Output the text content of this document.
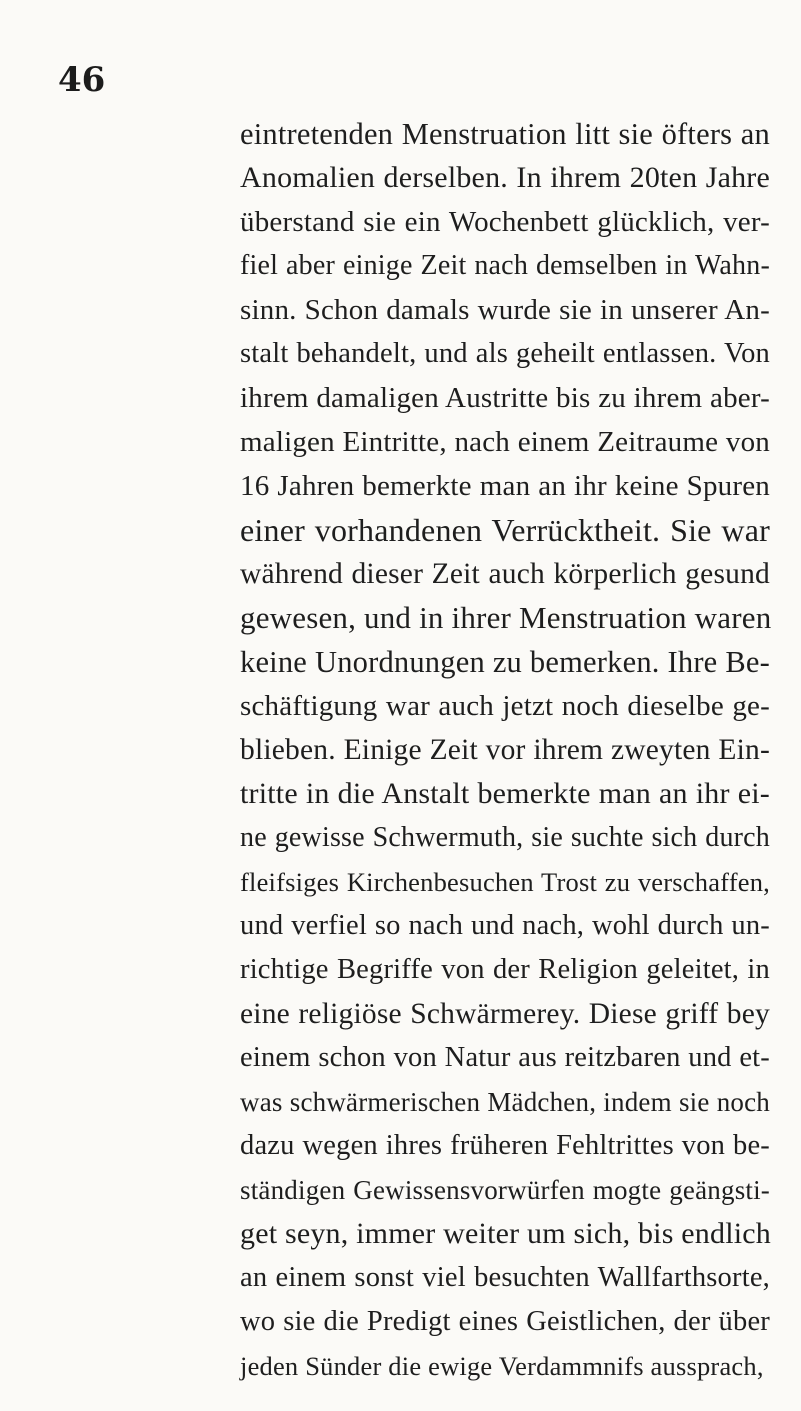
46
eintretenden Menstruation litt sie öfters an
Anomalien derselben. In ihrem 20ten Jahre
überstand sie ein Wochenbett glücklich, ver-
fiel aber einige Zeit nach demselben in Wahn-
sinn. Schon damals wurde sie in unserer An-
stalt behandelt, und als geheilt entlassen. Von
ihrem damaligen Austritte bis zu ihrem aber-
maligen Eintritte, nach einem Zeitraume von
16 Jahren bemerkte man an ihr keine Spuren
einer vorhandenen Verrücktheit. Sie war
während dieser Zeit auch körperlich gesund
gewesen, und in ihrer Menstruation waren
keine Unordnungen zu bemerken. Ihre Be-
schäftigung war auch jetzt noch dieselbe ge-
blieben. Einige Zeit vor ihrem zweyten Ein-
tritte in die Anstalt bemerkte man an ihr ei-
ne gewisse Schwermuth, sie suchte sich durch
fleifsiges Kirchenbesuchen Trost zu verschaffen,
und verfiel so nach und nach, wohl durch un-
richtige Begriffe von der Religion geleitet, in
eine religiöse Schwärmerey. Diese griff bey
einem schon von Natur aus reitzbaren und et-
was schwärmerischen Mädchen, indem sie noch
dazu wegen ihres früheren Fehltrittes von be-
ständigen Gewissensvorwürfen mogte geängsti-
get seyn, immer weiter um sich, bis endlich
an einem sonst viel besuchten Wallfarthsorte,
wo sie die Predigt eines Geistlichen, der über
jeden Sünder die ewige Verdammnifs aussprach,
